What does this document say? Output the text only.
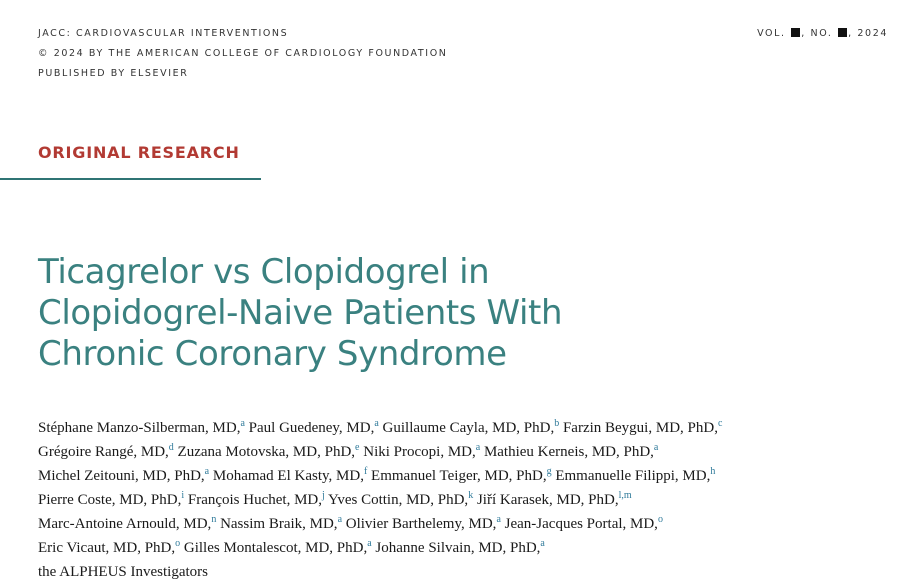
JACC: CARDIOVASCULAR INTERVENTIONS
© 2024 BY THE AMERICAN COLLEGE OF CARDIOLOGY FOUNDATION
PUBLISHED BY ELSEVIER
VOL. , NO. , 2024
ORIGINAL RESEARCH
Ticagrelor vs Clopidogrel in
Clopidogrel-Naive Patients With
Chronic Coronary Syndrome
Stéphane Manzo-Silberman, MD,$^a$ Paul Guedeney, MD,$^a$ Guillaume Cayla, MD, PhD,$^b$ Farzin Beygui, MD, PhD,$^c$
Grégoire Rangé, MD,$^d$ Zuzana Motovska, MD, PhD,$^e$ Niki Procopi, MD,$^a$ Mathieu Kerneis, MD, PhD,$^a$
Michel Zeitouni, MD, PhD,$^a$ Mohamad El Kasty, MD,$^f$ Emmanuel Teiger, MD, PhD,$^g$ Emmanuelle Filippi, MD,$^h$
Pierre Coste, MD, PhD,$^i$ François Huchet, MD,$^j$ Yves Cottin, MD, PhD,$^k$ Jiří Karasek, MD, PhD,$^{l,m}$
Marc-Antoine Arnould, MD,$^n$ Nassim Braik, MD,$^a$ Olivier Barthelemy, MD,$^a$ Jean-Jacques Portal, MD,$^o$
Eric Vicaut, MD, PhD,$^o$ Gilles Montalescot, MD, PhD,$^a$ Johanne Silvain, MD, PhD,$^a$
the ALPHEUS Investigators
